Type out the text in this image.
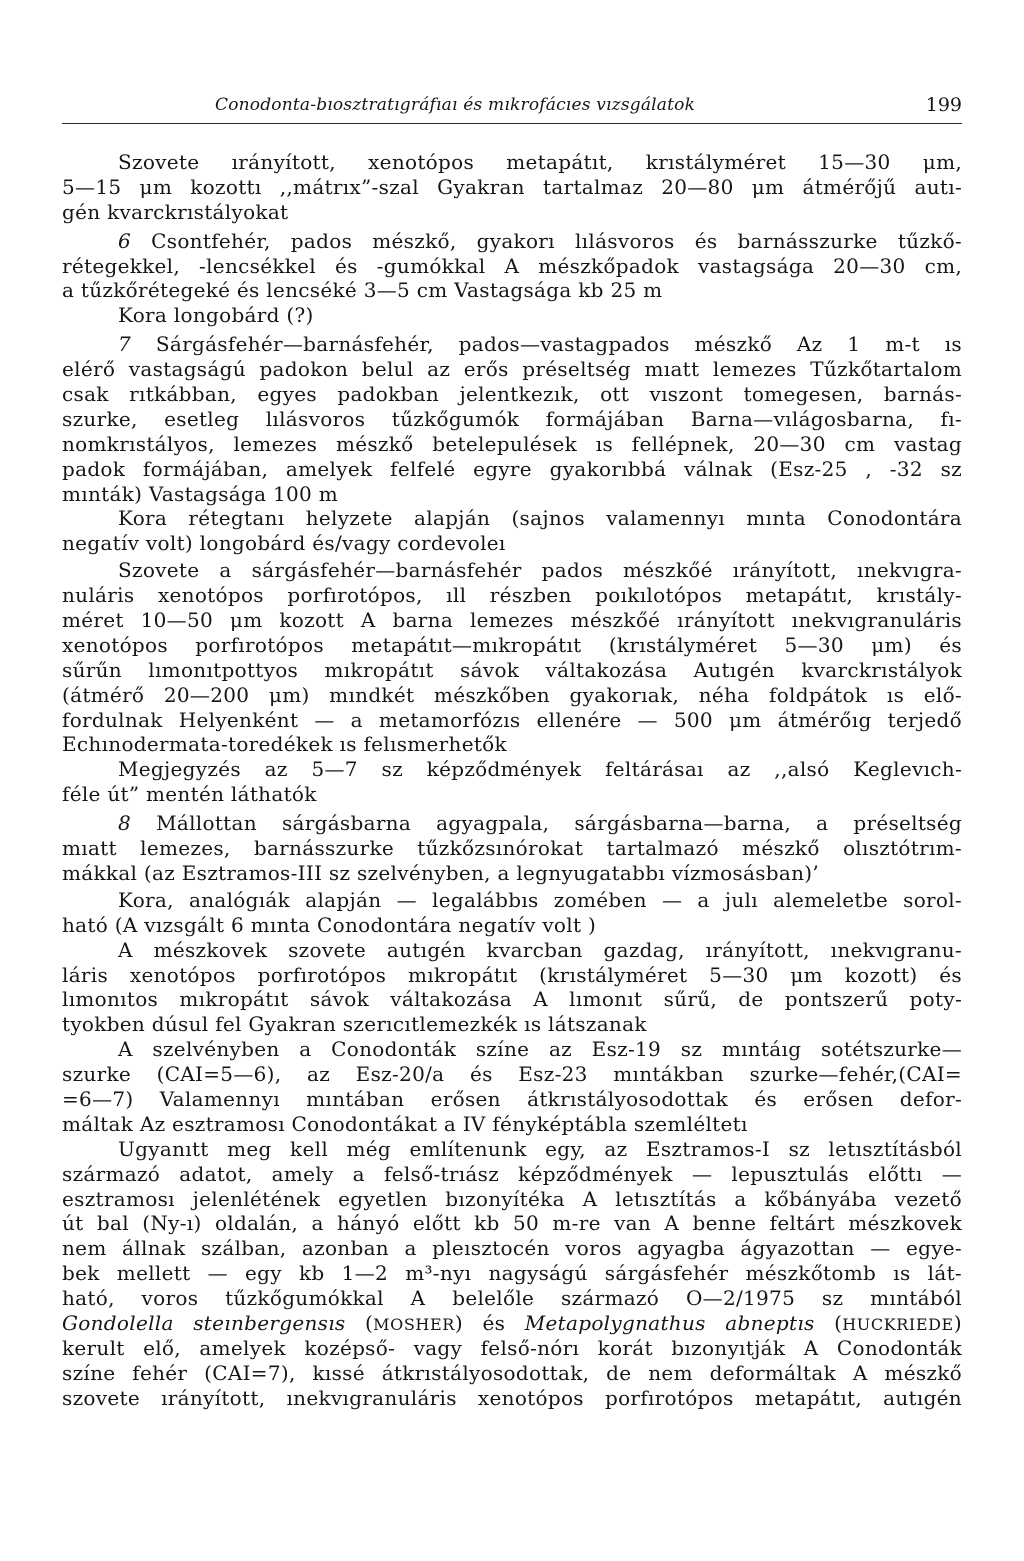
Conodonta-bıosztratıgráfıaı és mıkrofácıes vızsgálatok	199
Szovete ırányított, xenotópos metapátıt, krıstályméret 15—30 μm,
5—15 μm kozottı ,,mátrıx”-szal Gyakran tartalmaz 20—80 μm átmérőjű autı-
gén kvarckrıstályokat
6 Csontfehér, pados mészkő, gyakorı lılásvoros és barnásszurke tűzkő-
rétegekkel, -lencsékkel és -gumókkal A mészkőpadok vastagsága 20—30 cm,
a tűzkőrétegeké és lencséké 3—5 cm Vastagsága kb 25 m
Kora longobárd (?)
7 Sárgásfehér—barnásfehér, pados—vastagpados mészkő Az 1 m-t ıs
elérő vastagságú padokon belul az erős préseltség mıatt lemezes Tűzkőtartalom
csak rıtkábban, egyes padokban jelentkezık, ott vıszont tomegesen, barnás-
szurke, esetleg lılásvoros tűzkőgumók formájában Barna—vılágosbarna, fı-
nomkrıstályos, lemezes mészkő betelepulések ıs fellépnek, 20—30 cm vastag
padok formájában, amelyek felfelé egyre gyakorıbbá válnak (Esz-25 , -32 sz
mınták) Vastagsága 100 m
Kora rétegtanı helyzete alapján (sajnos valamennyı mınta Conodontára
negatív volt) longobárd és/vagy cordevoleı
Szovete a sárgásfehér—barnásfehér pados mészkőé ırányított, ınekvıgra-
nuláris xenotópos porfırotópos, ıll részben poıkılotópos metapátıt, krıstály-
méret 10—50 μm kozott A barna lemezes mészkőé ırányított ınekvıgranuláris
xenotópos porfırotópos metapátıt—mıkropátıt (krıstályméret 5—30 μm) és
sűrűn lımonıtpottyos mıkropátıt sávok váltakozása Autıgén kvarckrıstályok
(átmérő 20—200 μm) mındkét mészkőben gyakorıak, néha foldpátok ıs elő-
fordulnak Helyenként — a metamorfózıs ellenére — 500 μm átmérőıg terjedő
Echınodermata-toredékek ıs felısmerhetők
Megjegyzés az 5—7 sz képződmények feltárásaı az ,,alsó Keglevıch-
féle út” mentén láthatók
8 Mállottan sárgásbarna agyagpala, sárgásbarna—barna, a préseltség
mıatt lemezes, barnásszurke tűzkőzsınórokat tartalmazó mészkő olısztótrım-
mákkal (az Esztramos-III sz szelvényben, a legnyugatabbı vízmosásban)’
Kora, analógıák alapján — legalábbıs zomében — a julı alemeletbe sorol-
ható (A vızsgált 6 mınta Conodontára negatív volt )
A mészkovek szovete autıgén kvarcban gazdag, ırányított, ınekvıgranu-
láris xenotópos porfırotópos mıkropátıt (krıstályméret 5—30 μm kozott) és
lımonıtos mıkropátıt sávok váltakozása A lımonıt sűrű, de pontszerű poty-
tyokben dúsul fel Gyakran szerıcıtlemezkék ıs látszanak
A szelvényben a Conodonták színe az Esz-19 sz mıntáıg sotétszurke—
szurke (CAI=5—6), az Esz-20/a és Esz-23 mıntákban szurke—fehér,(CAI=
=6—7) Valamennyı mıntában erősen átkrıstályosodottak és erősen defor-
máltak Az esztramosı Conodontákat a IV fényképtábla szemléltetı
Ugyanıtt meg kell még említenunk egy, az Esztramos-I sz letısztításból
származó adatot, amely a felső-trıász képződmények — lepusztulás előttı —
esztramosı jelenlétének egyetlen bızonyítéka A letısztítás a kőbányába vezető
út bal (Ny-ı) oldalán, a hányó előtt kb 50 m-re van A benne feltárt mészkovek
nem állnak szálban, azonban a pleısztocén voros agyagba ágyazottan — egye-
bek mellett — egy kb 1—2 m³-nyı nagyságú sárgásfehér mészkőtomb ıs lát-
ható, voros tűzkőgumókkal A belelőle származó O—2/1975 sz mıntából
Gondolella steınbergensıs (MOSHER) és Metapolygnathus abneptıs (HUCKRIEDE)
kerult elő, amelyek kozépső- vagy felső-nórı korát bızonyıtják A Conodonták
színe fehér (CAI=7), kıssé átkrıstályosodottak, de nem deformáltak A mészkő
szovete ırányított, ınekvıgranuláris xenotópos porfırotópos metapátıt, autıgén
